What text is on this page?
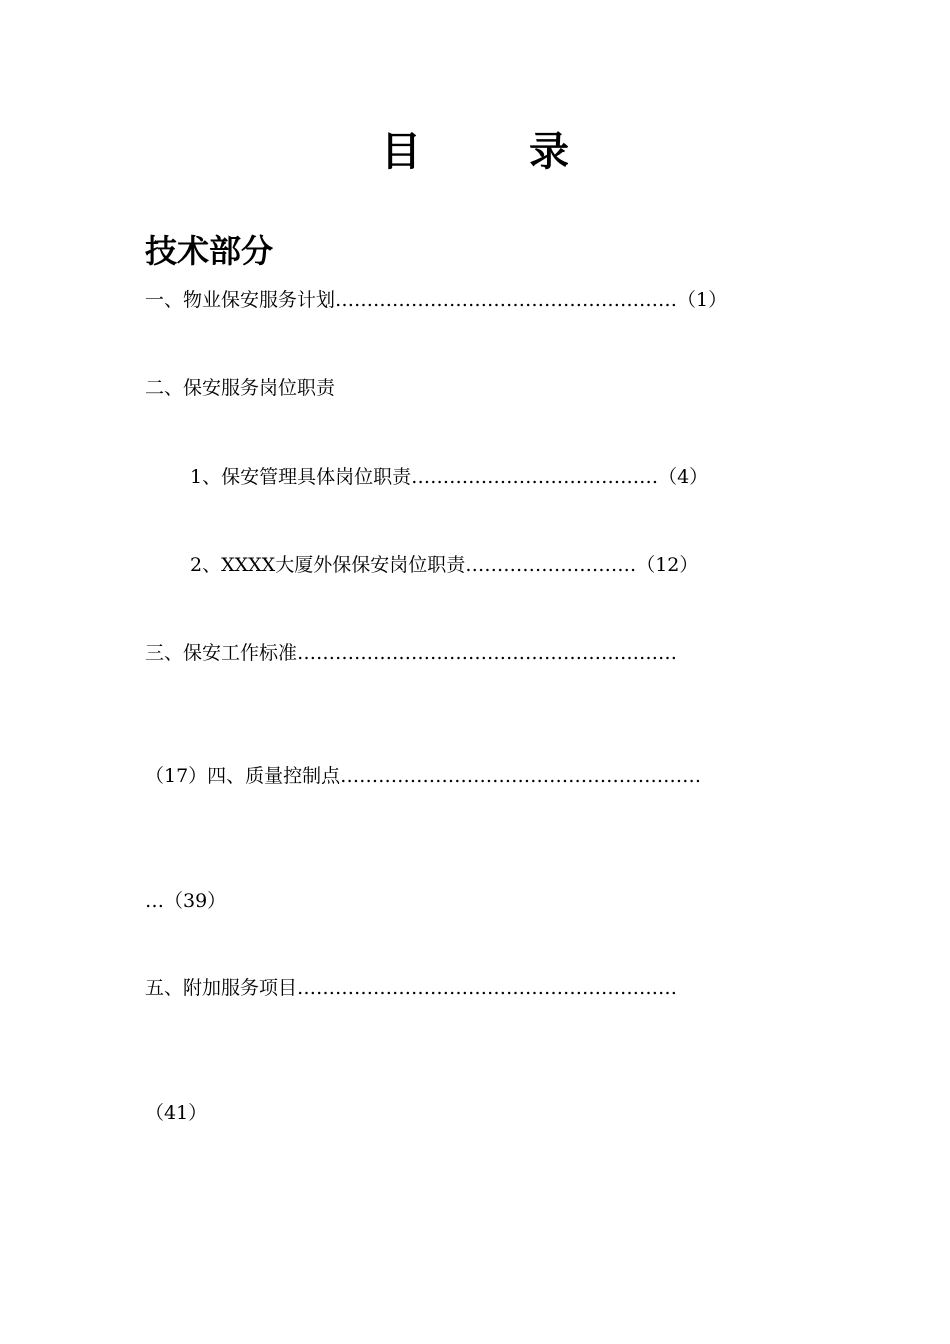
目　录
技术部分
一、物业保安服务计划………………………………………………（1）
二、保安服务岗位职责
1、保安管理具体岗位职责…………………………………（4）
2、XXXX大厦外保保安岗位职责………………………（12）
三、保安工作标准……………………………………………………
（17）四、质量控制点…………………………………………………
…（39）
五、附加服务项目……………………………………………………
（41）
